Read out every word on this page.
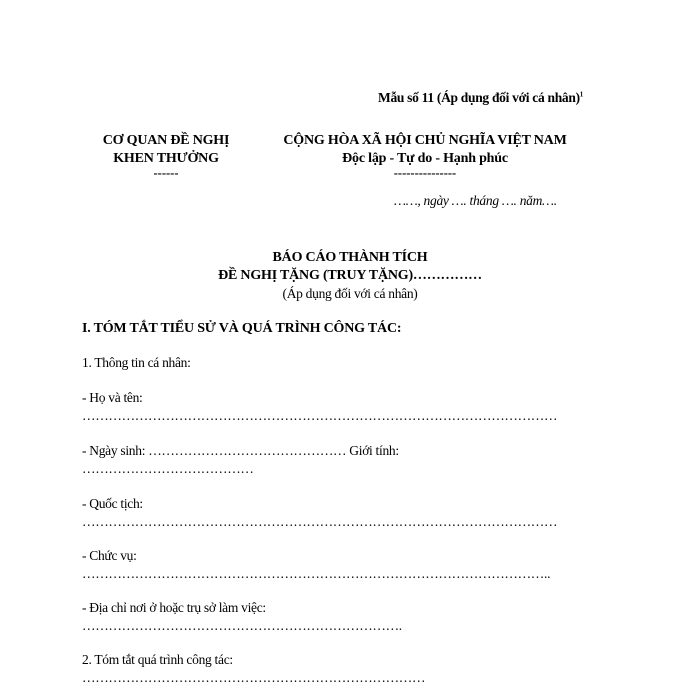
Mẫu số 11 (Áp dụng đối với cá nhân)$^1$
CƠ QUAN ĐỀ NGHỊ
KHEN THƯỞNG
------
CỘNG HÒA XÃ HỘI CHỦ NGHĨA VIỆT NAM
Độc lập - Tự do - Hạnh phúc
---------------
……, ngày …. tháng …. năm….
BÁO CÁO THÀNH TÍCH
ĐỀ NGHỊ TẶNG (TRUY TẶNG)……………
(Áp dụng đối với cá nhân)
I. TÓM TẮT TIỂU SỬ VÀ QUÁ TRÌNH CÔNG TÁC:
1. Thông tin cá nhân:
- Họ và tên:
………………………………………………………………………………………………
- Ngày sinh: ……………………………………… Giới tính:
…………………………………
- Quốc tịch:
………………………………………………………………………………………………
- Chức vụ:
……………………………………………………………………………………………..
- Địa chỉ nơi ở hoặc trụ sở làm việc:
……………………………………………………………….
2. Tóm tắt quá trình công tác:
……………………………………………………………………
